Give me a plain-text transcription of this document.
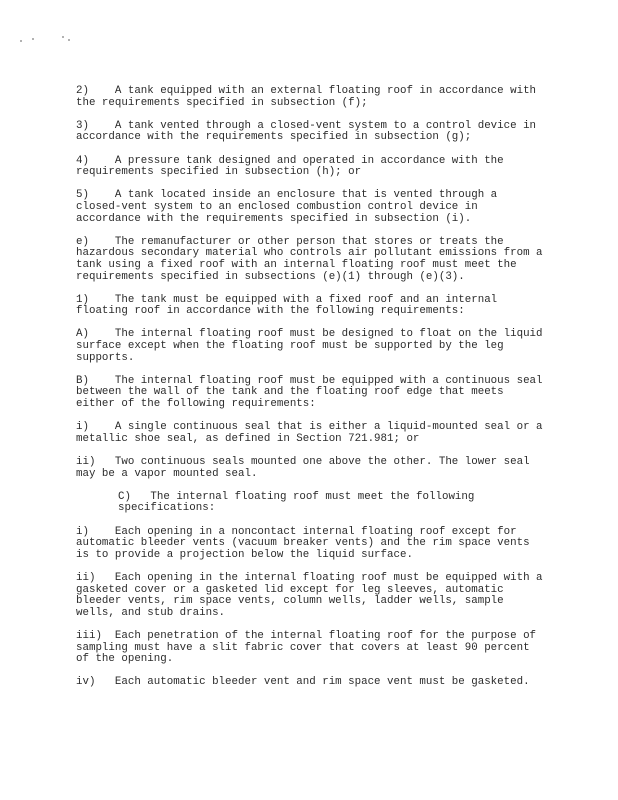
2)    A tank equipped with an external floating roof in accordance with
the requirements specified in subsection (f);

3)    A tank vented through a closed-vent system to a control device in
accordance with the requirements specified in subsection (g);

4)    A pressure tank designed and operated in accordance with the
requirements specified in subsection (h); or

5)    A tank located inside an enclosure that is vented through a
closed-vent system to an enclosed combustion control device in
accordance with the requirements specified in subsection (i).

e)    The remanufacturer or other person that stores or treats the
hazardous secondary material who controls air pollutant emissions from a
tank using a fixed roof with an internal floating roof must meet the
requirements specified in subsections (e)(1) through (e)(3).

1)    The tank must be equipped with a fixed roof and an internal
floating roof in accordance with the following requirements:

A)    The internal floating roof must be designed to float on the liquid
surface except when the floating roof must be supported by the leg
supports.

B)    The internal floating roof must be equipped with a continuous seal
between the wall of the tank and the floating roof edge that meets
either of the following requirements:

i)    A single continuous seal that is either a liquid-mounted seal or a
metallic shoe seal, as defined in Section 721.981; or

ii)   Two continuous seals mounted one above the other. The lower seal
may be a vapor mounted seal.

C)   The internal floating roof must meet the following
specifications:

i)    Each opening in a noncontact internal floating roof except for
automatic bleeder vents (vacuum breaker vents) and the rim space vents
is to provide a projection below the liquid surface.

ii)   Each opening in the internal floating roof must be equipped with a
gasketed cover or a gasketed lid except for leg sleeves, automatic
bleeder vents, rim space vents, column wells, ladder wells, sample
wells, and stub drains.

iii)  Each penetration of the internal floating roof for the purpose of
sampling must have a slit fabric cover that covers at least 90 percent
of the opening.

iv)   Each automatic bleeder vent and rim space vent must be gasketed.
